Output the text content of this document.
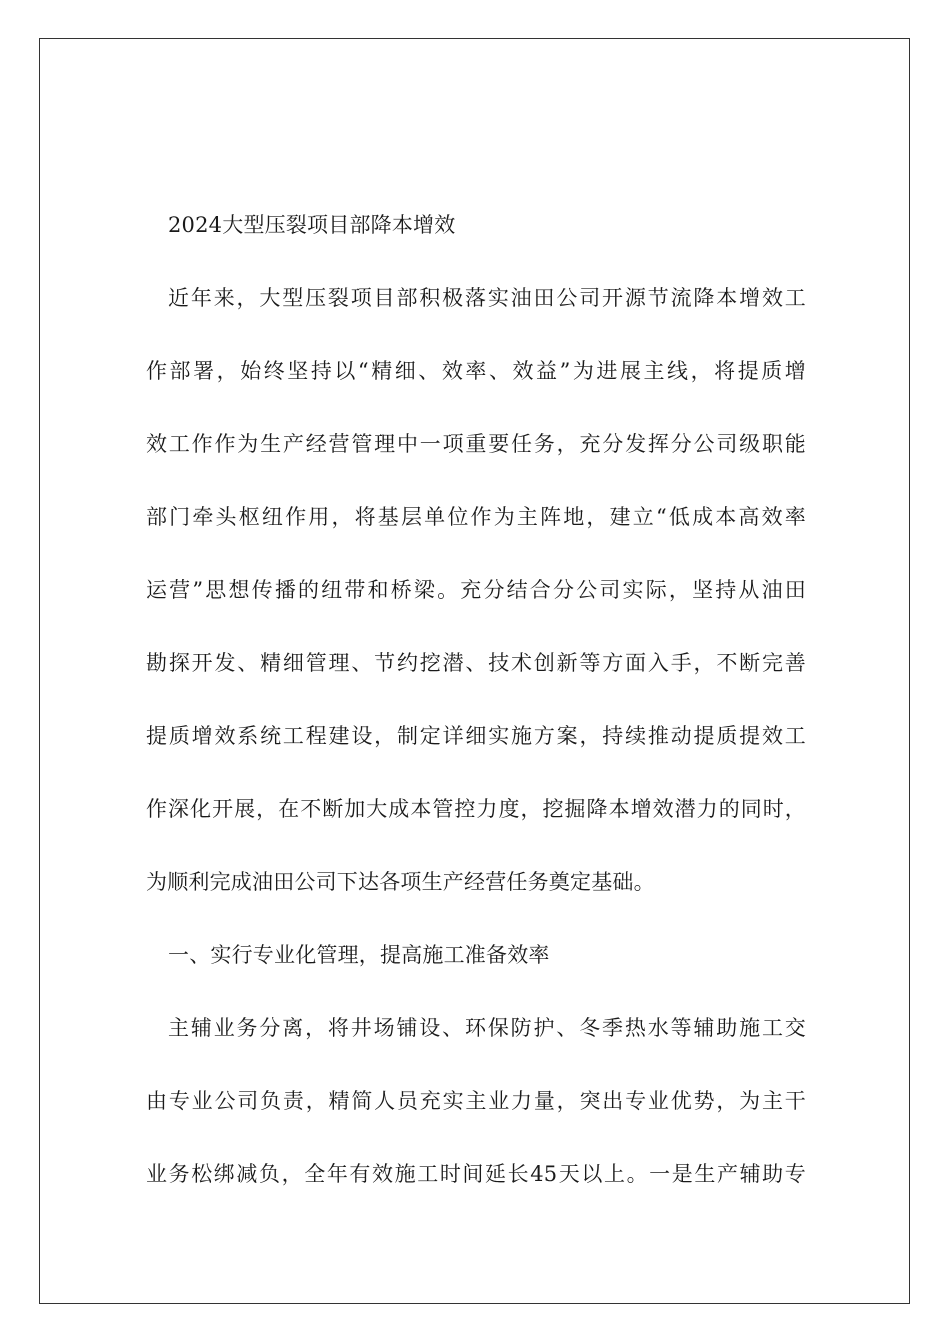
2024大型压裂项目部降本增效
近年来，大型压裂项目部积极落实油田公司开源节流降本增效工
作部署，始终坚持以“精细、效率、效益”为进展主线，将提质增
效工作作为生产经营管理中一项重要任务，充分发挥分公司级职能
部门牵头枢纽作用，将基层单位作为主阵地，建立“低成本高效率
运营”思想传播的纽带和桥梁。充分结合分公司实际，坚持从油田
勘探开发、精细管理、节约挖潜、技术创新等方面入手，不断完善
提质增效系统工程建设，制定详细实施方案，持续推动提质提效工
作深化开展，在不断加大成本管控力度，挖掘降本增效潜力的同时，
为顺利完成油田公司下达各项生产经营任务奠定基础。
一、实行专业化管理，提高施工准备效率
主辅业务分离，将井场铺设、环保防护、冬季热水等辅助施工交
由专业公司负责，精简人员充实主业力量，突出专业优势，为主干
业务松绑减负，全年有效施工时间延长45天以上。一是生产辅助专
